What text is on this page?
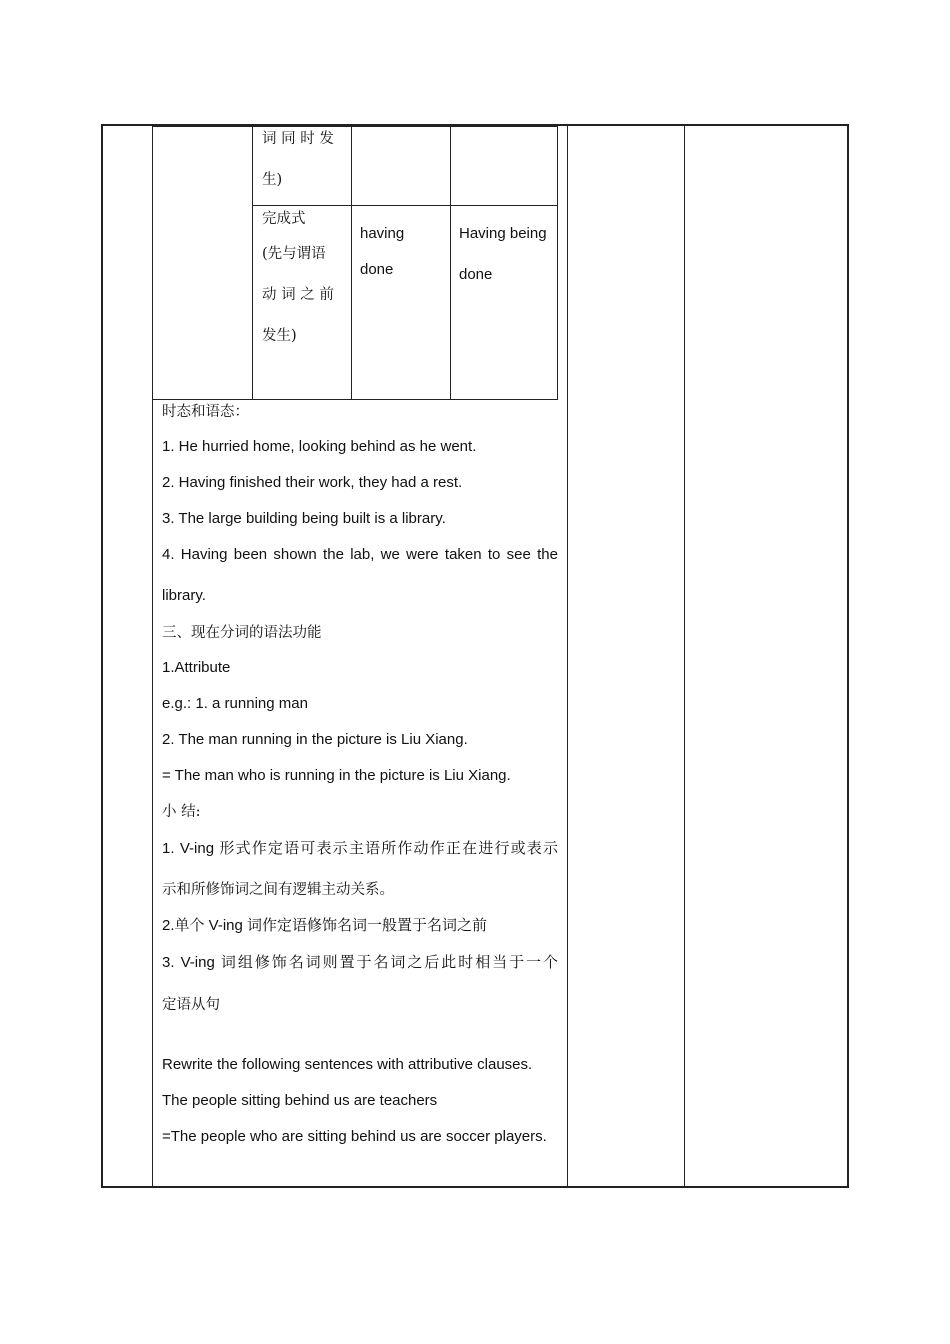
词 同 时 发
生)
完成式
(先与谓语
动 词 之 前
发生)
having
done
Having being
done
时态和语态：
1. He hurried home, looking behind as he went.
2. Having finished their work, they had a rest.
3. The large building being built is a library.
4. Having been shown the lab, we were taken to see the
library.
三、现在分词的语法功能
1.Attribute
e.g.: 1. a running man
2. The man running in the picture is Liu Xiang.
= The man who is running in the picture is Liu Xiang.
小 结:
1. V-ing 形式作定语可表示主语所作动作正在进行或表示
示和所修饰词之间有逻辑主动关系。
2.单个 V-ing 词作定语修饰名词一般置于名词之前
3. V-ing 词组修饰名词则置于名词之后此时相当于一个
定语从句
Rewrite the following sentences with attributive clauses.
The people sitting behind us are teachers
=The people who are sitting behind us are soccer players.
